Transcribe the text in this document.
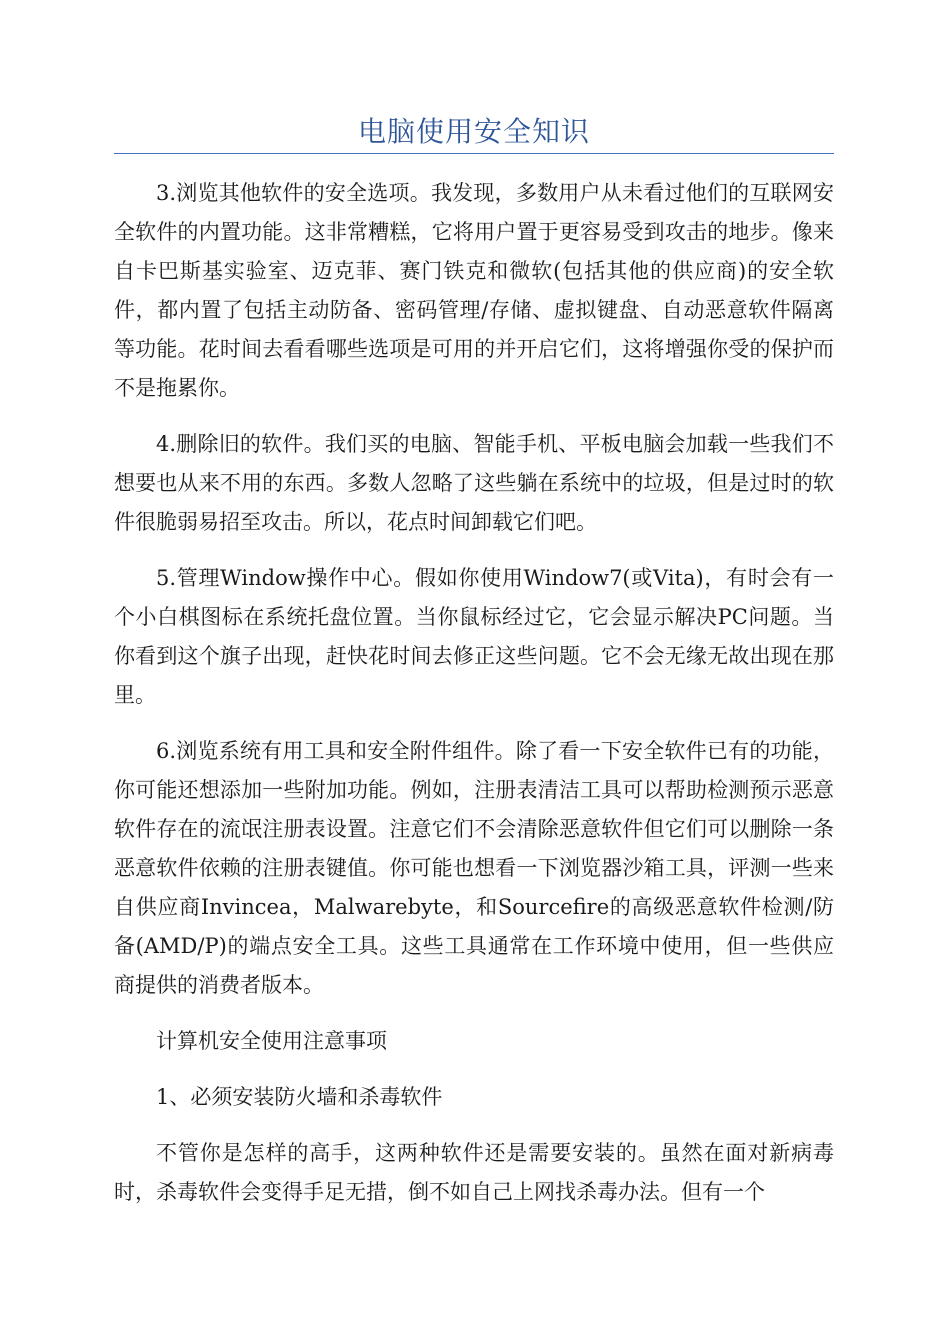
电脑使用安全知识

3.浏览其他软件的安全选项。我发现，多数用户从未看过他们的互联网安全软件的内置功能。这非常糟糕，它将用户置于更容易受到攻击的地步。像来自卡巴斯基实验室、迈克菲、赛门铁克和微软(包括其他的供应商)的安全软件，都内置了包括主动防备、密码管理/存储、虚拟键盘、自动恶意软件隔离等功能。花时间去看看哪些选项是可用的并开启它们，这将增强你受的保护而不是拖累你。

4.删除旧的软件。我们买的电脑、智能手机、平板电脑会加载一些我们不想要也从来不用的东西。多数人忽略了这些躺在系统中的垃圾，但是过时的软件很脆弱易招至攻击。所以，花点时间卸载它们吧。

5.管理Window操作中心。假如你使用Window7(或Vita)，有时会有一个小白棋图标在系统托盘位置。当你鼠标经过它，它会显示解决PC问题。当你看到这个旗子出现，赶快花时间去修正这些问题。它不会无缘无故出现在那里。

6.浏览系统有用工具和安全附件组件。除了看一下安全软件已有的功能，你可能还想添加一些附加功能。例如，注册表清洁工具可以帮助检测预示恶意软件存在的流氓注册表设置。注意它们不会清除恶意软件但它们可以删除一条恶意软件依赖的注册表键值。你可能也想看一下浏览器沙箱工具，评测一些来自供应商Invincea，Malwarebyte，和Sourcefire的高级恶意软件检测/防备(AMD/P)的端点安全工具。这些工具通常在工作环境中使用，但一些供应商提供的消费者版本。

计算机安全使用注意事项

1、必须安装防火墙和杀毒软件

不管你是怎样的高手，这两种软件还是需要安装的。虽然在面对新病毒时，杀毒软件会变得手足无措，倒不如自己上网找杀毒办法。但有一个
